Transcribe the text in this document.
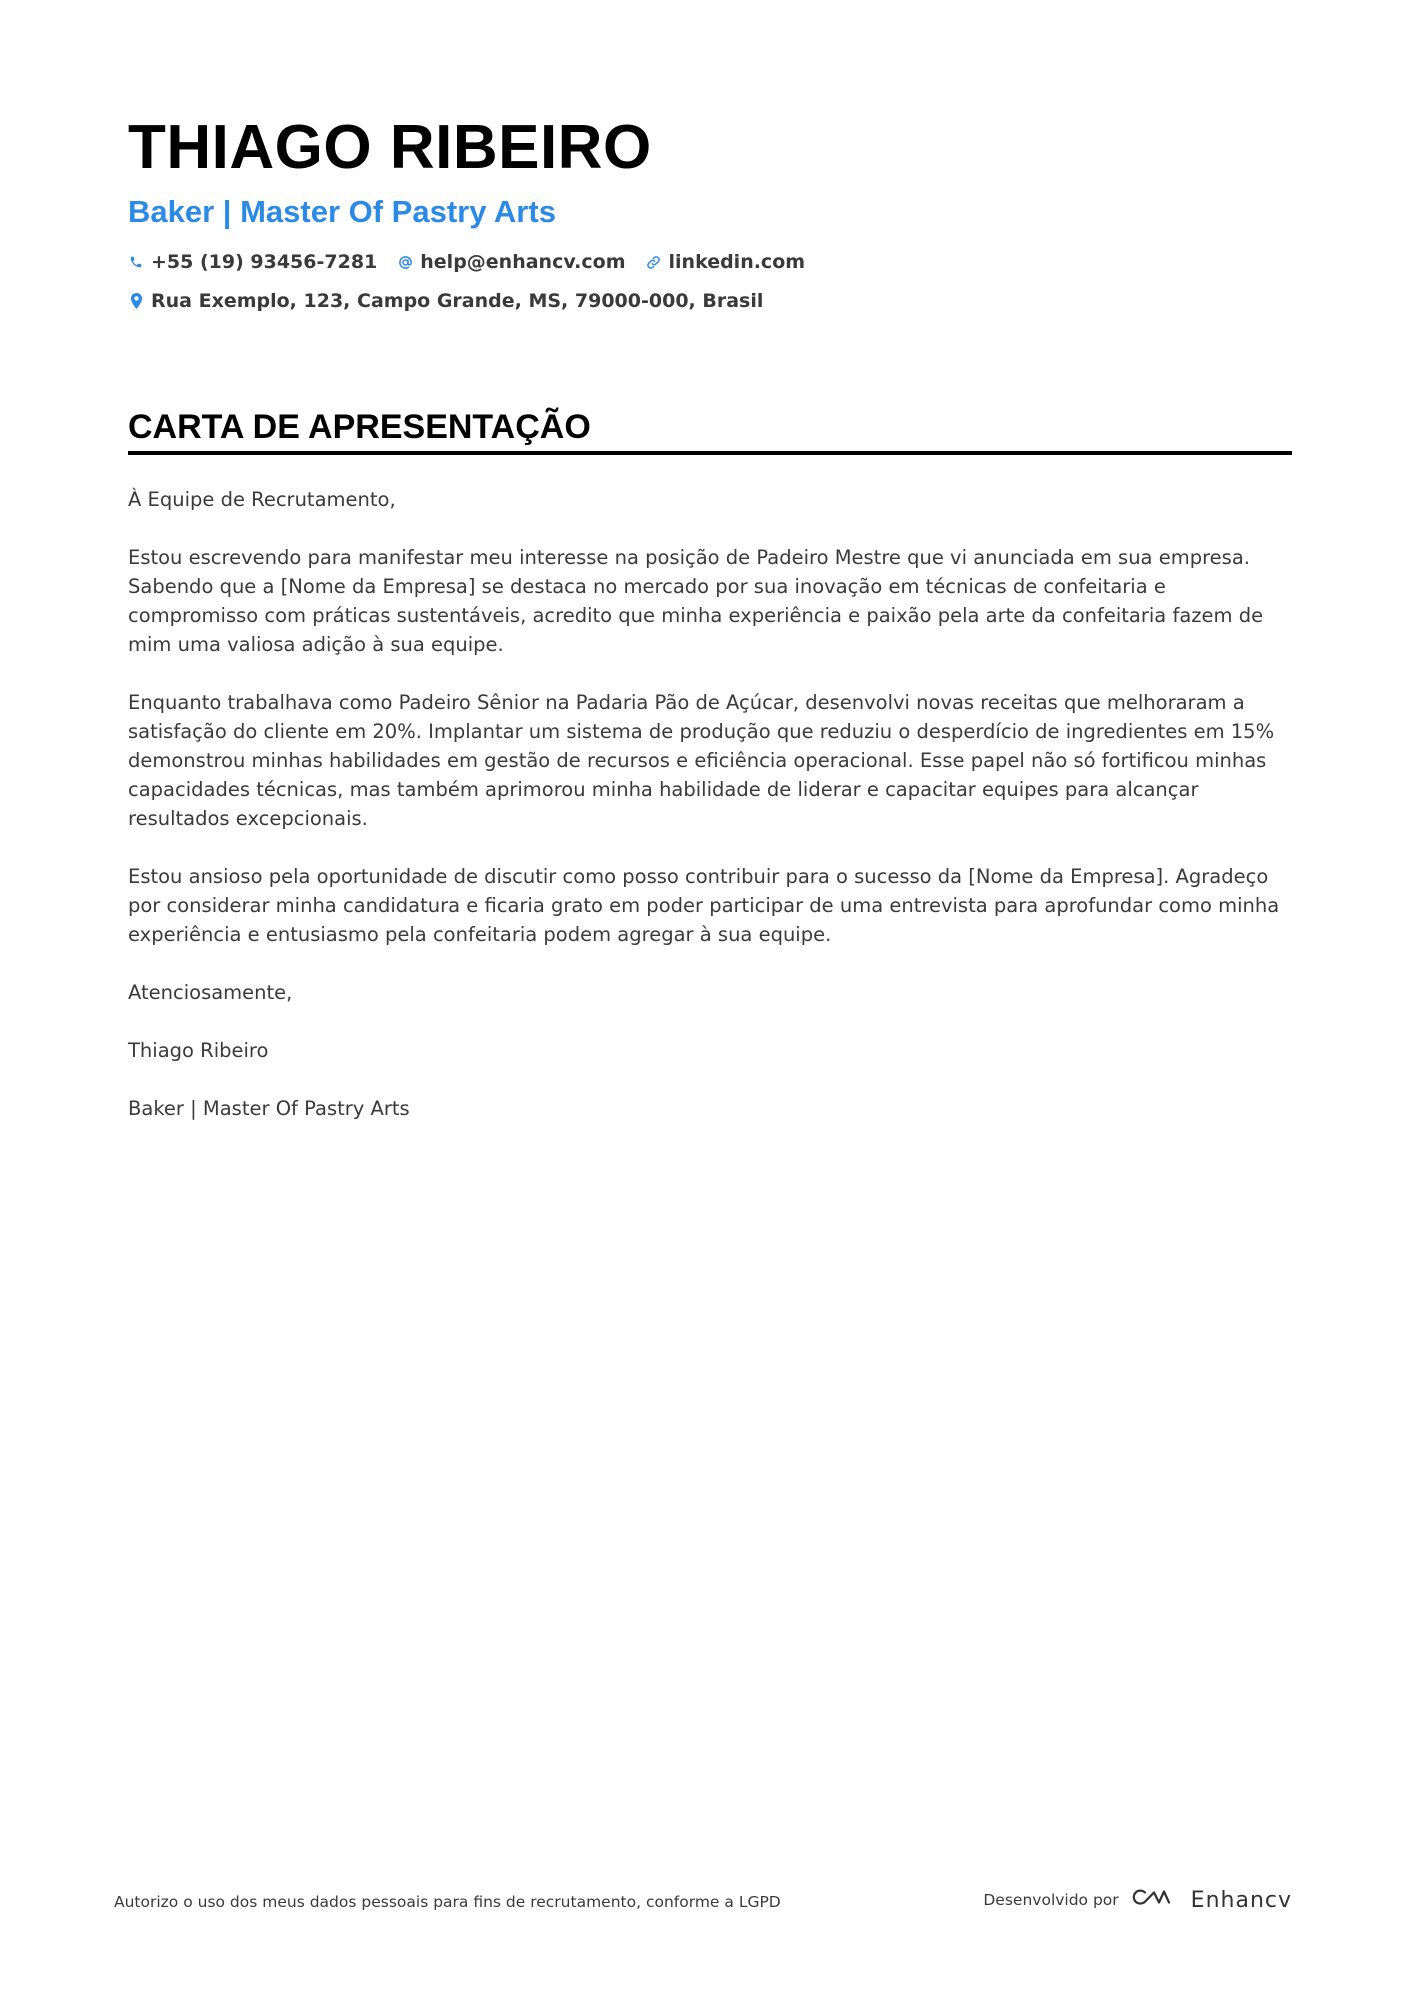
THIAGO RIBEIRO
Baker | Master Of Pastry Arts
+55 (19) 93456-7281 help@enhancv.com linkedin.com
Rua Exemplo, 123, Campo Grande, MS, 79000-000, Brasil
CARTA DE APRESENTAÇÃO

À Equipe de Recrutamento,

Estou escrevendo para manifestar meu interesse na posição de Padeiro Mestre que vi anunciada em sua empresa. Sabendo que a [Nome da Empresa] se destaca no mercado por sua inovação em técnicas de confeitaria e compromisso com práticas sustentáveis, acredito que minha experiência e paixão pela arte da confeitaria fazem de mim uma valiosa adição à sua equipe.

Enquanto trabalhava como Padeiro Sênior na Padaria Pão de Açúcar, desenvolvi novas receitas que melhoraram a satisfação do cliente em 20%. Implantar um sistema de produção que reduziu o desperdício de ingredientes em 15% demonstrou minhas habilidades em gestão de recursos e eficiência operacional. Esse papel não só fortificou minhas capacidades técnicas, mas também aprimorou minha habilidade de liderar e capacitar equipes para alcançar resultados excepcionais.

Estou ansioso pela oportunidade de discutir como posso contribuir para o sucesso da [Nome da Empresa]. Agradeço por considerar minha candidatura e ficaria grato em poder participar de uma entrevista para aprofundar como minha experiência e entusiasmo pela confeitaria podem agregar à sua equipe.

Atenciosamente,

Thiago Ribeiro

Baker | Master Of Pastry Arts

Autorizo o uso dos meus dados pessoais para fins de recrutamento, conforme a LGPD	Desenvolvido por	Enhancv
